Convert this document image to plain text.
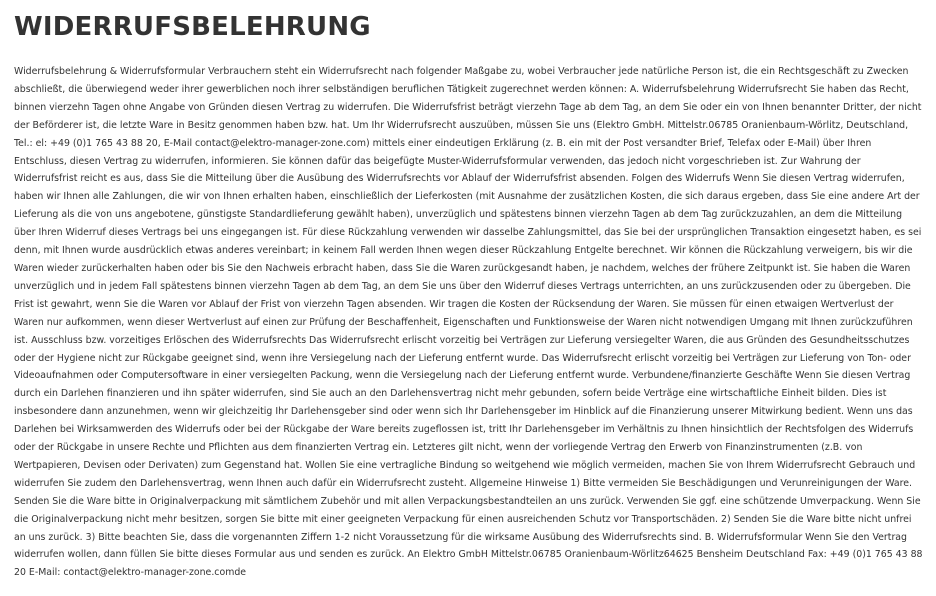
WIDERRUFSBELEHRUNG

Widerrufsbelehrung & Widerrufsformular Verbrauchern steht ein Widerrufsrecht nach folgender Maßgabe zu, wobei Verbraucher jede natürliche Person ist, die ein Rechtsgeschäft zu Zwecken abschließt, die überwiegend weder ihrer gewerblichen noch ihrer selbständigen beruflichen Tätigkeit zugerechnet werden können: A. Widerrufsbelehrung Widerrufsrecht Sie haben das Recht, binnen vierzehn Tagen ohne Angabe von Gründen diesen Vertrag zu widerrufen. Die Widerrufsfrist beträgt vierzehn Tage ab dem Tag, an dem Sie oder ein von Ihnen benannter Dritter, der nicht der Beförderer ist, die letzte Ware in Besitz genommen haben bzw. hat. Um Ihr Widerrufsrecht auszuüben, müssen Sie uns (Elektro GmbH. Mittelstr.06785 Oranienbaum-Wörlitz, Deutschland, Tel.: el: +49 (0)1 765 43 88 20, E-Mail contact@elektro-manager-zone.com) mittels einer eindeutigen Erklärung (z. B. ein mit der Post versandter Brief, Telefax oder E-Mail) über Ihren Entschluss, diesen Vertrag zu widerrufen, informieren. Sie können dafür das beigefügte Muster-Widerrufsformular verwenden, das jedoch nicht vorgeschrieben ist. Zur Wahrung der Widerrufsfrist reicht es aus, dass Sie die Mitteilung über die Ausübung des Widerrufsrechts vor Ablauf der Widerrufsfrist absenden. Folgen des Widerrufs Wenn Sie diesen Vertrag widerrufen, haben wir Ihnen alle Zahlungen, die wir von Ihnen erhalten haben, einschließlich der Lieferkosten (mit Ausnahme der zusätzlichen Kosten, die sich daraus ergeben, dass Sie eine andere Art der Lieferung als die von uns angebotene, günstigste Standardlieferung gewählt haben), unverzüglich und spätestens binnen vierzehn Tagen ab dem Tag zurückzuzahlen, an dem die Mitteilung über Ihren Widerruf dieses Vertrags bei uns eingegangen ist. Für diese Rückzahlung verwenden wir dasselbe Zahlungsmittel, das Sie bei der ursprünglichen Transaktion eingesetzt haben, es sei denn, mit Ihnen wurde ausdrücklich etwas anderes vereinbart; in keinem Fall werden Ihnen wegen dieser Rückzahlung Entgelte berechnet. Wir können die Rückzahlung verweigern, bis wir die Waren wieder zurückerhalten haben oder bis Sie den Nachweis erbracht haben, dass Sie die Waren zurückgesandt haben, je nachdem, welches der frühere Zeitpunkt ist. Sie haben die Waren unverzüglich und in jedem Fall spätestens binnen vierzehn Tagen ab dem Tag, an dem Sie uns über den Widerruf dieses Vertrags unterrichten, an uns zurückzusenden oder zu übergeben. Die Frist ist gewahrt, wenn Sie die Waren vor Ablauf der Frist von vierzehn Tagen absenden. Wir tragen die Kosten der Rücksendung der Waren. Sie müssen für einen etwaigen Wertverlust der Waren nur aufkommen, wenn dieser Wertverlust auf einen zur Prüfung der Beschaffenheit, Eigenschaften und Funktionsweise der Waren nicht notwendigen Umgang mit Ihnen zurückzuführen ist. Ausschluss bzw. vorzeitiges Erlöschen des Widerrufsrechts Das Widerrufsrecht erlischt vorzeitig bei Verträgen zur Lieferung versiegelter Waren, die aus Gründen des Gesundheitsschutzes oder der Hygiene nicht zur Rückgabe geeignet sind, wenn ihre Versiegelung nach der Lieferung entfernt wurde. Das Widerrufsrecht erlischt vorzeitig bei Verträgen zur Lieferung von Ton- oder Videoaufnahmen oder Computersoftware in einer versiegelten Packung, wenn die Versiegelung nach der Lieferung entfernt wurde. Verbundene/finanzierte Geschäfte Wenn Sie diesen Vertrag durch ein Darlehen finanzieren und ihn später widerrufen, sind Sie auch an den Darlehensvertrag nicht mehr gebunden, sofern beide Verträge eine wirtschaftliche Einheit bilden. Dies ist insbesondere dann anzunehmen, wenn wir gleichzeitig Ihr Darlehensgeber sind oder wenn sich Ihr Darlehensgeber im Hinblick auf die Finanzierung unserer Mitwirkung bedient. Wenn uns das Darlehen bei Wirksamwerden des Widerrufs oder bei der Rückgabe der Ware bereits zugeflossen ist, tritt Ihr Darlehensgeber im Verhältnis zu Ihnen hinsichtlich der Rechtsfolgen des Widerrufs oder der Rückgabe in unsere Rechte und Pflichten aus dem finanzierten Vertrag ein. Letzteres gilt nicht, wenn der vorliegende Vertrag den Erwerb von Finanzinstrumenten (z.B. von Wertpapieren, Devisen oder Derivaten) zum Gegenstand hat. Wollen Sie eine vertragliche Bindung so weitgehend wie möglich vermeiden, machen Sie von Ihrem Widerrufsrecht Gebrauch und widerrufen Sie zudem den Darlehensvertrag, wenn Ihnen auch dafür ein Widerrufsrecht zusteht. Allgemeine Hinweise 1) Bitte vermeiden Sie Beschädigungen und Verunreinigungen der Ware. Senden Sie die Ware bitte in Originalverpackung mit sämtlichem Zubehör und mit allen Verpackungsbestandteilen an uns zurück. Verwenden Sie ggf. eine schützende Umverpackung. Wenn Sie die Originalverpackung nicht mehr besitzen, sorgen Sie bitte mit einer geeigneten Verpackung für einen ausreichenden Schutz vor Transportschäden. 2) Senden Sie die Ware bitte nicht unfrei an uns zurück. 3) Bitte beachten Sie, dass die vorgenannten Ziffern 1-2 nicht Voraussetzung für die wirksame Ausübung des Widerrufsrechts sind. B. Widerrufsformular Wenn Sie den Vertrag widerrufen wollen, dann füllen Sie bitte dieses Formular aus und senden es zurück. An Elektro GmbH Mittelstr.06785 Oranienbaum-Wörlitz64625 Bensheim Deutschland Fax: +49 (0)1 765 43 88 20 E-Mail: contact@elektro-manager-zone.comde
